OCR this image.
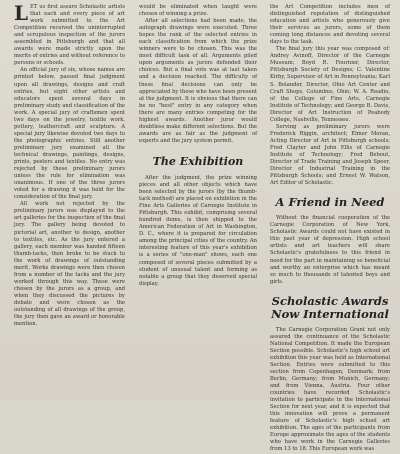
LET us first assure Scholastic artists that each and every piece of art work submitted to the Art Competition received the uninterrupted and scrupulous inspection of the jurors assembled in Pittsburgh and that all awards were made strictly upon the merits of entries and without reference to persons or schools.

An official jury of six, whose names are printed below, passed final judgment upon all drawings, designs and craft entries, but eight other artists and educators spent several days in preliminary study and classification of the work. A special jury of craftsmen spent two days on the jewelry, textile work, pottery, leathercraft and sculpture. A special jury likewise devoted two days to the photographic entries. Still another preliminary jury examined all the technical drawings, paintings, designs, prints, posters and textiles. No entry was rejected by these preliminary jurors unless the rule for elimination was unanimous. If one of the three jurors voted for a drawing it was held for the consideration of the final jury.

All work not rejected by the preliminary jurors was displayed to the art galleries for the inspection of the final jury. The gallery being devoted to pictorial art, another to design, another to textiles, etc. As the jury entered a gallery, each member was handed fifteen thumb-tacks, then broke to be stuck to the work of drawings of outstanding merit. Works drawings were then chosen from a number of the tacks and the jury worked through this way. These were chosen by the jurors as a group, and when they discussed the pictures by debate and were chosen as the outstanding of all drawings of the group, the jury then gave an award or honorable mention.

would be eliminated when taught were chosen of winning a prize.

After all selections had been made, the autograph drawings were executed. Three hopes the rank of the selected entries in each classification from which the prize winners were to be chosen. This was the most difficult task of all. Arguments piled upon arguments as jurors defended their choices. But a final vote was at last taken and a decision reached. The difficulty of these final decisions can only be appreciated by those who have been present at the judgment. It is obvious that there can be no "best" entry in any category when there are many entries competing for the highest awards. Another juror would doubtless make different selections. But the awards are as fair as the judgment of experts and the jury system permit.

The Exhibition

After the judgment, the prize winning pieces and all other objects which have been selected by the jurors (by the thumb-tack method) are placed on exhibition in the Fine Arts Galleries of Carnegie Institute in Pittsburgh. This exhibit, comprising several hundred items, is then shipped to the American Federation of Art in Washington, D. C., where it is prepared for circulation among the principal cities of the country. An interesting feature of this year's exhibition is a series of "one-man" shows, each one composed of several pieces submitted by a student of unusual talent and forming as notable a group that they deserved special display.

the Art Competition includes men of distinguished reputation of distinguished education and artists who generously give their services as jurors, some of them coming long distances and devoting several days to the task.

The final jury this year was composed of: Andrey Avinoff, Director of the Carnegie Museum; Boyd R. Fournier, Director, Pittsburgh Society of Designs; C. Valentine Kirby, Supervisor of Art in Pennsylvania; Karl S. Bolander, Director, Ohio Art Center and Craft Shops, Columbus, Ohio; W. A. Readio, of the College of Fine Arts, Carnegie Institute of Technology; and George B. Davis, Director of Art Instruction of Peabody College, Nashville, Tennessee.

Serving as preliminary jurors were Frederick Riggin, architect; Elmer Moran, Acting Director of Art in Pittsburgh schools; Fred Clayter and John Ellis of Carnegie Institute of Technology; Fred Bebout, Director of Trade Training and Joseph Speer, Director of Industrial Training in the Pittsburgh Schools; and Ernest W. Watson, Art Editor of Scholastic.

A Friend in Need

Without the financial cooperation of the Carnegie Corporation of New York, Scholastic Awards could not have existed in this past year of depression. High school artists and art teachers will share Scholastic's gratefulness to this friend in need for the part in maintaining so beneficial and worthy an enterprise which has meant so much to thousands of talented boys and girls.

Scholastic Awards Now International

The Carnegie Corporation Grant not only assured the continuance of the Scholastic National Competition. It made the European Section possible. Scholastic's high school art exhibition this year was held as International Section. Entries were submitted to this section from Copenhagen, Denmark; from Berlin, Germany; from Munich, Germany; and from Vienna, Austria. Four other countries have recorded Scholastic's invitation to participate in the International Section for next year, and it is expected that this innovation will prove a permanent feature of Scholastic's high school art exhibition. The ages of the participants from Europe approximate the ages of the students who have work in the Carnegie Galleries from 13 to 18. This European work was
